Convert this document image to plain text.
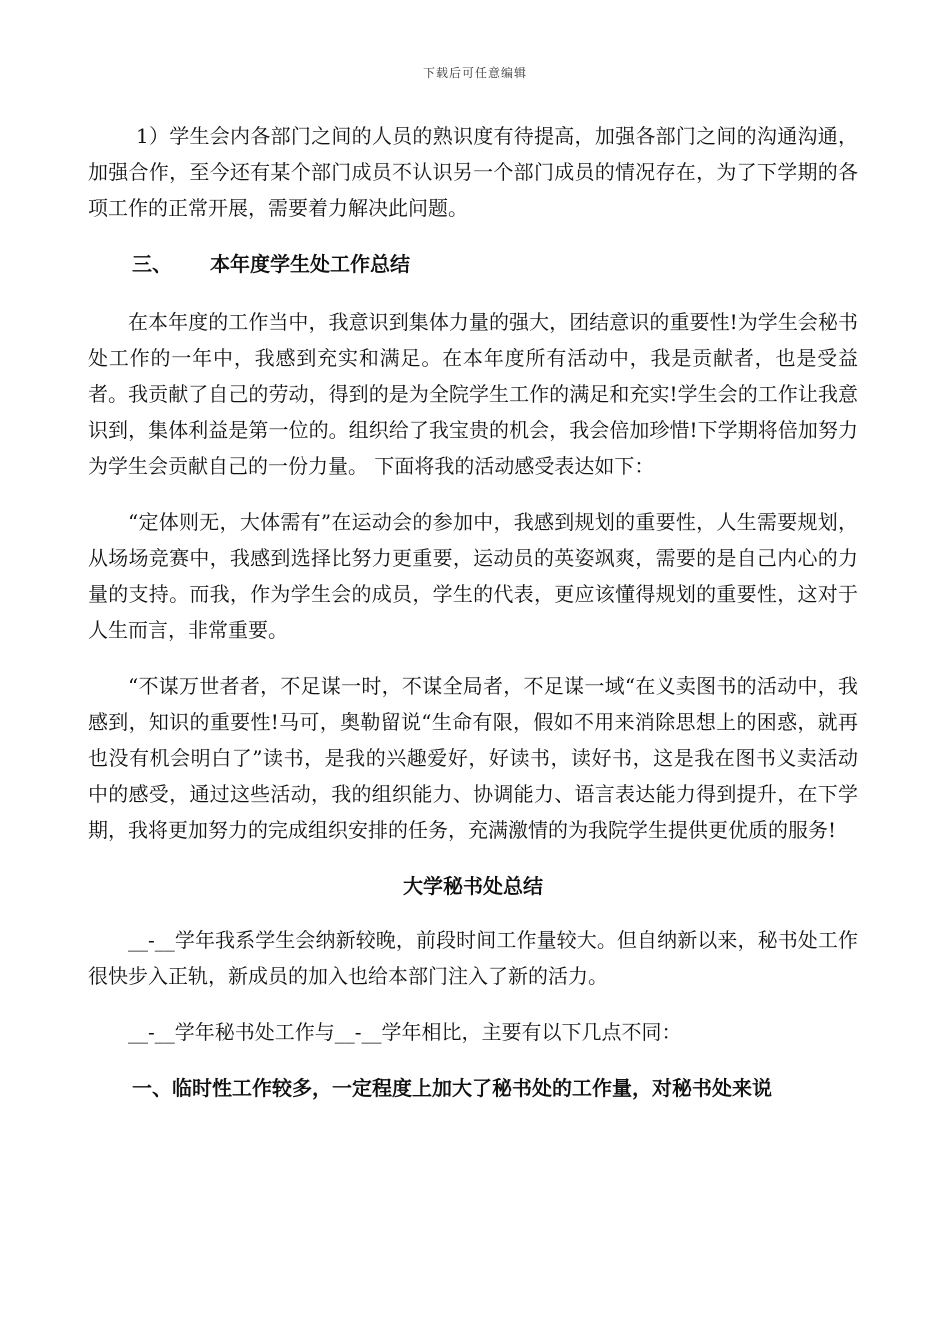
下载后可任意编辑

1）学生会内各部门之间的人员的熟识度有待提高，加强各部门之间的沟通沟通，加强合作，至今还有某个部门成员不认识另一个部门成员的情况存在，为了下学期的各项工作的正常开展，需要着力解决此问题。

三、 本年度学生处工作总结

在本年度的工作当中，我意识到集体力量的强大，团结意识的重要性!为学生会秘书处工作的一年中，我感到充实和满足。在本年度所有活动中，我是贡献者，也是受益者。我贡献了自己的劳动，得到的是为全院学生工作的满足和充实!学生会的工作让我意识到，集体利益是第一位的。组织给了我宝贵的机会，我会倍加珍惜!下学期将倍加努力为学生会贡献自己的一份力量。 下面将我的活动感受表达如下：

“定体则无，大体需有”在运动会的参加中，我感到规划的重要性，人生需要规划，从场场竞赛中，我感到选择比努力更重要，运动员的英姿飒爽，需要的是自己内心的力量的支持。而我，作为学生会的成员，学生的代表，更应该懂得规划的重要性，这对于人生而言，非常重要。

“不谋万世者者，不足谋一时，不谋全局者，不足谋一域“在义卖图书的活动中，我感到，知识的重要性!马可，奥勒留说“生命有限，假如不用来消除思想上的困惑，就再也没有机会明白了”读书，是我的兴趣爱好，好读书，读好书，这是我在图书义卖活动中的感受，通过这些活动，我的组织能力、协调能力、语言表达能力得到提升，在下学期，我将更加努力的完成组织安排的任务，充满激情的为我院学生提供更优质的服务!

大学秘书处总结

__-__学年我系学生会纳新较晚，前段时间工作量较大。但自纳新以来，秘书处工作很快步入正轨，新成员的加入也给本部门注入了新的活力。

__-__学年秘书处工作与__-__学年相比，主要有以下几点不同：

一、临时性工作较多，一定程度上加大了秘书处的工作量，对秘书处来说
